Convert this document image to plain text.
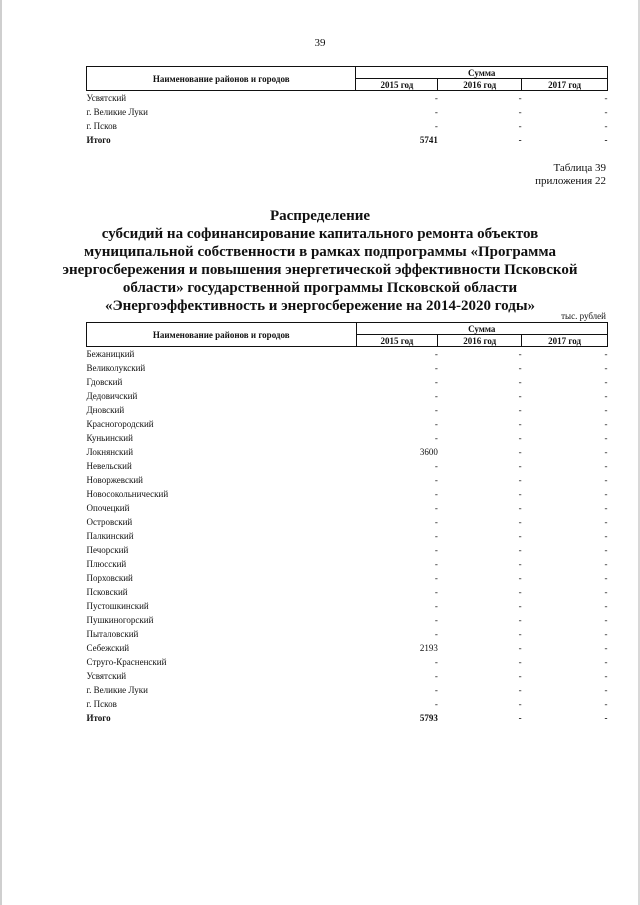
39
Наименование районов и городов	Сумма		
	2015 год	2016 год	2017 год
Усвятский	-	-	-
г. Великие Луки	-	-	-
г. Псков	-	-	-
Итого	5741	-	-
Таблица 39
приложения 22
Распределение
субсидий на софинансирование капитального ремонта объектов
муниципальной собственности в рамках подпрограммы «Программа
энергосбережения и повышения энергетической эффективности Псковской
области» государственной программы Псковской области
«Энергоэффективность и энергосбережение на 2014-2020 годы»
тыс. рублей
Наименование районов и городов	Сумма		
	2015 год	2016 год	2017 год
Бежаницкий	-	-	-
Великолукский	-	-	-
Гдовский	-	-	-
Дедовичский	-	-	-
Дновский	-	-	-
Красногородский	-	-	-
Куньинский	-	-	-
Локнянский	3600	-	-
Невельский	-	-	-
Новоржевский	-	-	-
Новосокольнический	-	-	-
Опочецкий	-	-	-
Островский	-	-	-
Палкинский	-	-	-
Печорский	-	-	-
Плюсский	-	-	-
Порховский	-	-	-
Псковский	-	-	-
Пустошкинский	-	-	-
Пушкиногорский	-	-	-
Пыталовский	-	-	-
Себежский	2193	-	-
Струго-Красненский	-	-	-
Усвятский	-	-	-
г. Великие Луки	-	-	-
г. Псков	-	-	-
Итого	5793	-	-
